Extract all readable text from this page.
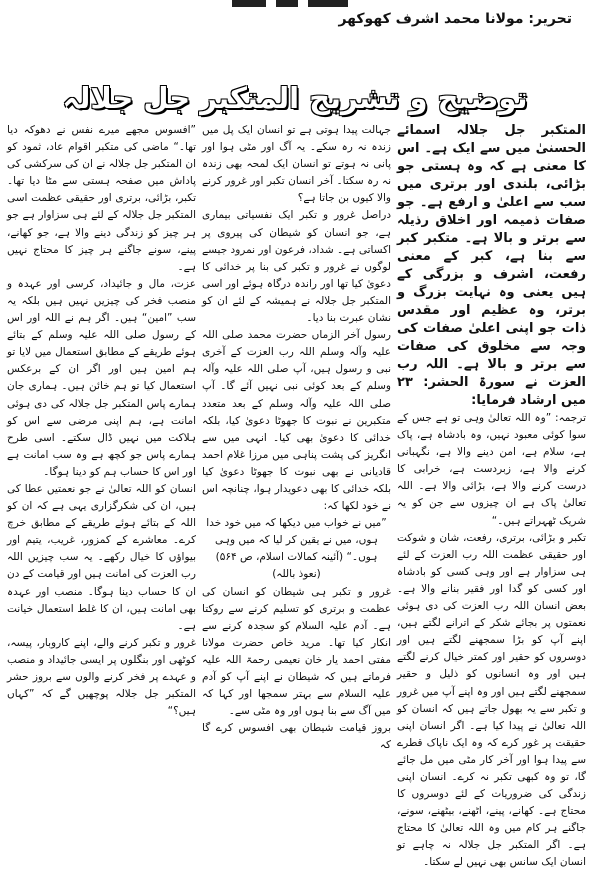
تحریر: مولانا محمد اشرف کھوکھر
توضیح و تشریح المتکبر جل جلالہ

المتکبر جل جلالہ اسمائے الحسنیٰ میں سے ایک ہے۔ اس کا معنی ہے کہ وہ ہستی جو بڑائی، بلندی اور برتری میں سب سے اعلیٰ و ارفع ہے۔ جو صفات ذمیمہ اور اخلاق رذیلہ سے برتر و بالا ہے۔ متکبر کبر سے بنا ہے، کبر کے معنی رفعت، اشرف و بزرگی کے ہیں یعنی وہ نہایت بزرگ و برتر، وہ عظیم اور مقدس ذات جو اپنی اعلیٰ صفات کی وجہ سے مخلوق کی صفات سے برتر و بالا ہے۔ اللہ رب العزت نے سورۃ الحشر: ۲۳ میں ارشاد فرمایا:

ترجمہ: ”وہ اللہ تعالیٰ وہی تو ہے جس کے سوا کوئی معبود نہیں، وہ بادشاہ ہے، پاک ہے، سلام ہے، امن دینے والا ہے، نگہبانی کرنے والا ہے، زبردست ہے، خرابی کا درست کرنے والا ہے، بڑائی والا ہے۔ اللہ تعالیٰ پاک ہے ان چیزوں سے جن کو یہ شریک ٹھہراتے ہیں۔“

تکبر و بڑائی، برتری، رفعت، شان و شوکت اور حقیقی عظمت اللہ رب العزت کے لئے ہی سزاوار ہے اور وہی کسی کو بادشاہ اور کسی کو گدا اور فقیر بنانے والا ہے۔ بعض انسان اللہ رب العزت کی دی ہوئی نعمتوں پر بجائے شکر کے اترانے لگتے ہیں، اپنے آپ کو بڑا سمجھنے لگتے ہیں اور دوسروں کو حقیر اور کمتر خیال کرنے لگتے ہیں اور وہ انسانوں کو ذلیل و حقیر سمجھنے لگتے ہیں اور وہ اپنے آپ میں غرور و تکبر سے یہ بھول جاتے ہیں کہ انسان کو اللہ تعالیٰ نے پیدا کیا ہے۔ اگر انسان اپنی حقیقت پر غور کرے کہ وہ ایک ناپاک قطرے سے پیدا ہوا اور آخر کار مٹی میں مل جائے گا، تو وہ کبھی تکبر نہ کرے۔ انسان اپنی زندگی کی ضروریات کے لئے دوسروں کا محتاج ہے۔ کھانے، پینے، اٹھنے، بیٹھنے، سونے، جاگنے ہر کام میں وہ اللہ تعالیٰ کا محتاج ہے۔ اگر المتکبر جل جلالہ نہ چاہے تو انسان ایک سانس بھی نہیں لے سکتا۔

جہالت پیدا ہوتی ہے تو انسان ایک پل میں زندہ نہ رہ سکے۔ یہ آگ اور مٹی ہوا اور پانی نہ ہوتے تو انسان ایک لمحہ بھی زندہ نہ رہ سکتا۔ آخر انسان تکبر اور غرور کرنے والا کیوں بن جاتا ہے؟

دراصل غرور و تکبر ایک نفسیاتی بیماری ہے، جو انسان کو شیطان کی پیروی پر اکساتی ہے۔ شداد، فرعون اور نمرود جیسے لوگوں نے غرور و تکبر کی بنا پر خدائی کا دعویٰ کیا تھا اور راندہ درگاہ ہوئے اور اسی المتکبر جل جلالہ نے ہمیشہ کے لئے ان کو نشان عبرت بنا دیا۔

رسول آخر الزماں حضرت محمد صلی اللہ علیہ وآلہ وسلم اللہ رب العزت کے آخری نبی و رسول ہیں، آپ صلی اللہ علیہ وآلہ وسلم کے بعد کوئی نبی نہیں آئے گا۔ آپ صلی اللہ علیہ وآلہ وسلم کے بعد متعدد متکبرین نے نبوت کا جھوٹا دعویٰ کیا، بلکہ خدائی کا دعویٰ بھی کیا۔ انہی میں سے انگریز کی پشت پناہی میں مرزا غلام احمد قادیانی نے بھی نبوت کا جھوٹا دعویٰ کیا بلکہ خدائی کا بھی دعویدار ہوا، چنانچہ اس نے خود لکھا کہ:

”میں نے خواب میں دیکھا کہ میں خود خدا ہوں، میں نے یقین کر لیا کہ میں وہی ہوں۔“ (آئینہ کمالات اسلام، ص ۵۶۴)

(نعوذ باللہ)

غرور و تکبر ہی شیطان کو انسان کی عظمت و برتری کو تسلیم کرنے سے روکتا ہے۔ آدم علیہ السلام کو سجدہ کرنے سے انکار کیا تھا۔ مرید خاص حضرت مولانا مفتی احمد یار خان نعیمی رحمۃ اللہ علیہ فرماتے ہیں کہ شیطان نے اپنے آپ کو آدم علیہ السلام سے بہتر سمجھا اور کہا کہ میں آگ سے بنا ہوں اور وہ مٹی سے۔

بروز قیامت شیطان بھی افسوس کرے گا کہ

”افسوس مجھے میرے نفس نے دھوکہ دیا تھا۔“ ماضی کی متکبر اقوام عاد، ثمود کو ان المتکبر جل جلالہ نے ان کی سرکشی کی پاداش میں صفحہ ہستی سے مٹا دیا تھا۔ تکبر، بڑائی، برتری اور حقیقی عظمت اسی المتکبر جل جلالہ کے لئے ہی سزاوار ہے جو ہر چیز کو زندگی دینے والا ہے، جو کھانے، پینے، سونے جاگنے ہر چیز کا محتاج نہیں ہے۔

عزت، مال و جائیداد، کرسی اور عہدہ و منصب فخر کی چیزیں نہیں ہیں بلکہ یہ سب ”امین“ ہیں۔ اگر ہم نے اللہ اور اس کے رسول صلی اللہ علیہ وسلم کے بتائے ہوئے طریقے کے مطابق استعمال میں لایا تو ہم امین ہیں اور اگر ان کے برعکس استعمال کیا تو ہم خائن ہیں۔ ہماری جان ہمارے پاس المتکبر جل جلالہ کی دی ہوئی امانت ہے، ہم اپنی مرضی سے اس کو ہلاکت میں نہیں ڈال سکتے۔ اسی طرح ہمارے پاس جو کچھ ہے وہ سب امانت ہے اور اس کا حساب ہم کو دینا ہوگا۔

انسان کو اللہ تعالیٰ نے جو نعمتیں عطا کی ہیں، ان کی شکرگزاری یہی ہے کہ ان کو اللہ کے بتائے ہوئے طریقے کے مطابق خرچ کرے۔ معاشرے کے کمزور، غریب، یتیم اور بیواؤں کا خیال رکھے۔ یہ سب چیزیں اللہ رب العزت کی امانت ہیں اور قیامت کے دن ان کا حساب دینا ہوگا۔ منصب اور عہدہ بھی امانت ہیں، ان کا غلط استعمال خیانت ہے۔

غرور و تکبر کرنے والے، اپنے کاروبار، پیسہ، کوٹھی اور بنگلوں پر ایسی جائیداد و منصب و عہدے پر فخر کرنے والوں سے بروز حشر المتکبر جل جلالہ پوچھیں گے کہ ”کہاں ہیں؟“
